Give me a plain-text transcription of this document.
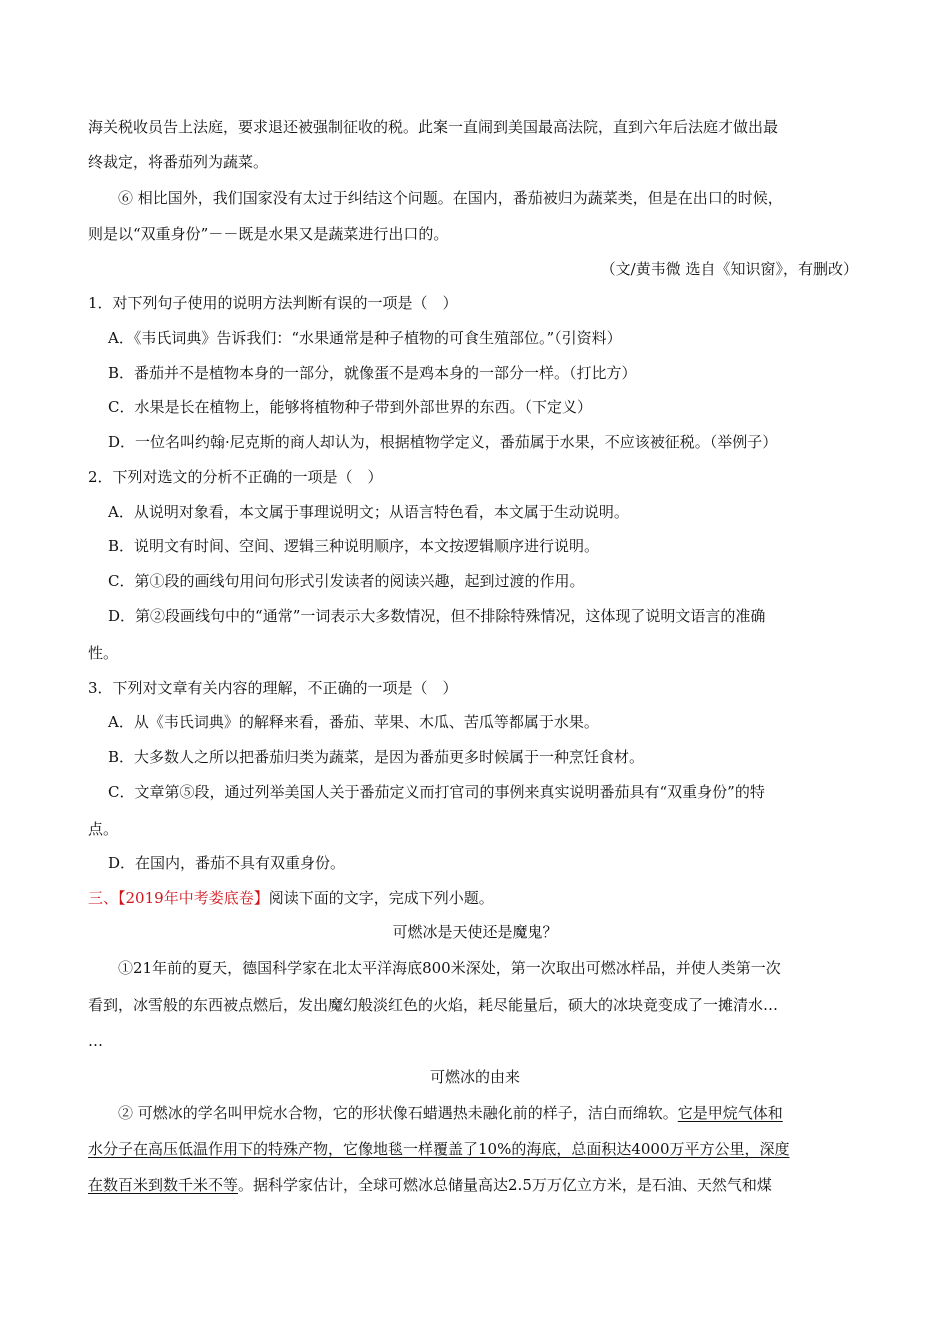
海关税收员告上法庭，要求退还被强制征收的税。此案一直闹到美国最高法院，直到六年后法庭才做出最
终裁定，将番茄列为蔬菜。
⑥ 相比国外，我们国家没有太过于纠结这个问题。在国内，番茄被归为蔬菜类，但是在出口的时候，
则是以“双重身份”－－既是水果又是蔬菜进行出口的。
（文/黄韦微 选自《知识窗》，有删改）
1．对下列句子使用的说明方法判断有误的一项是（　）
A．《韦氏词典》告诉我们：“水果通常是种子植物的可食生殖部位。”（引资料）
B．番茄并不是植物本身的一部分，就像蛋不是鸡本身的一部分一样。（打比方）
C．水果是长在植物上，能够将植物种子带到外部世界的东西。（下定义）
D．一位名叫约翰·尼克斯的商人却认为，根据植物学定义，番茄属于水果，不应该被征税。（举例子）
2．下列对选文的分析不正确的一项是（　）
A．从说明对象看，本文属于事理说明文；从语言特色看，本文属于生动说明。
B．说明文有时间、空间、逻辑三种说明顺序，本文按逻辑顺序进行说明。
C．第①段的画线句用问句形式引发读者的阅读兴趣，起到过渡的作用。
D．第②段画线句中的“通常”一词表示大多数情况，但不排除特殊情况，这体现了说明文语言的准确
性。
3．下列对文章有关内容的理解，不正确的一项是（　）
A．从《韦氏词典》的解释来看，番茄、苹果、木瓜、苦瓜等都属于水果。
B．大多数人之所以把番茄归类为蔬菜，是因为番茄更多时候属于一种烹饪食材。
C．文章第⑤段，通过列举美国人关于番茄定义而打官司的事例来真实说明番茄具有“双重身份”的特
点。
D．在国内，番茄不具有双重身份。
三、【2019年中考娄底卷】阅读下面的文字，完成下列小题。
可燃冰是天使还是魔鬼？
①21年前的夏天，德国科学家在北太平洋海底800米深处，第一次取出可燃冰样品，并使人类第一次
看到，冰雪般的东西被点燃后，发出魔幻般淡红色的火焰，耗尽能量后，硕大的冰块竟变成了一摊清水…
…
可燃冰的由来
② 可燃冰的学名叫甲烷水合物，它的形状像石蜡遇热未融化前的样子，洁白而绵软。它是甲烷气体和
水分子在高压低温作用下的特殊产物，它像地毯一样覆盖了10%的海底，总面积达4000万平方公里，深度
在数百米到数千米不等。据科学家估计，全球可燃冰总储量高达2.5万万亿立方米，是石油、天然气和煤
